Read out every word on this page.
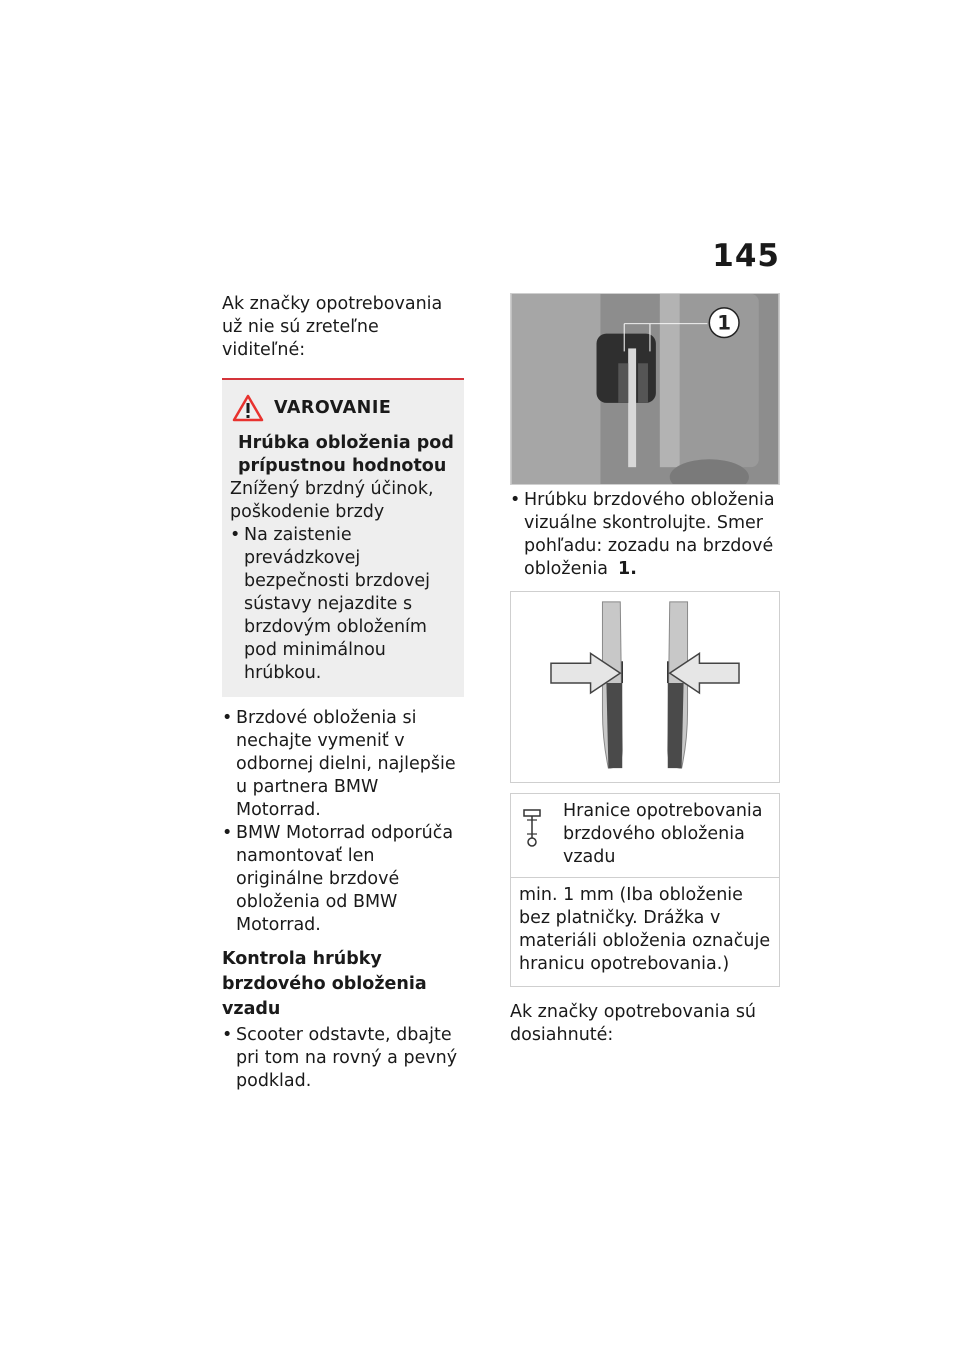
145

Ak značky opotrebovania už nie sú zreteľne viditeľné:

VAROVANIE

Hrúbka obloženia pod prípustnou hodnotou

Znížený brzdný účinok, poškodenie brzdy

• Na zaistenie prevádzkovej bezpečnosti brzdovej sústavy nejazdite s brzdovým obložením pod minimálnou hrúbkou.
• Brzdové obloženia si nechajte vymeniť v odbornej dielni, najlepšie u partnera BMW Motorrad.
• BMW Motorrad odporúča namontovať len originálne brzdové obloženia od BMW Motorrad.

Kontrola hrúbky brzdového obloženia vzadu

• Scooter odstavte, dbajte pri tom na rovný a pevný podklad.
1
• Hrúbku brzdového obloženia vizuálne skontrolujte. Smer pohľadu: zozadu na brzdové obloženia 1.
Hranice opotrebovania brzdového obloženia vzadu
min. 1 mm (Iba obloženie bez platničky. Drážka v materiáli obloženia označuje hranicu opotrebovania.)

Ak značky opotrebovania sú dosiahnuté:
